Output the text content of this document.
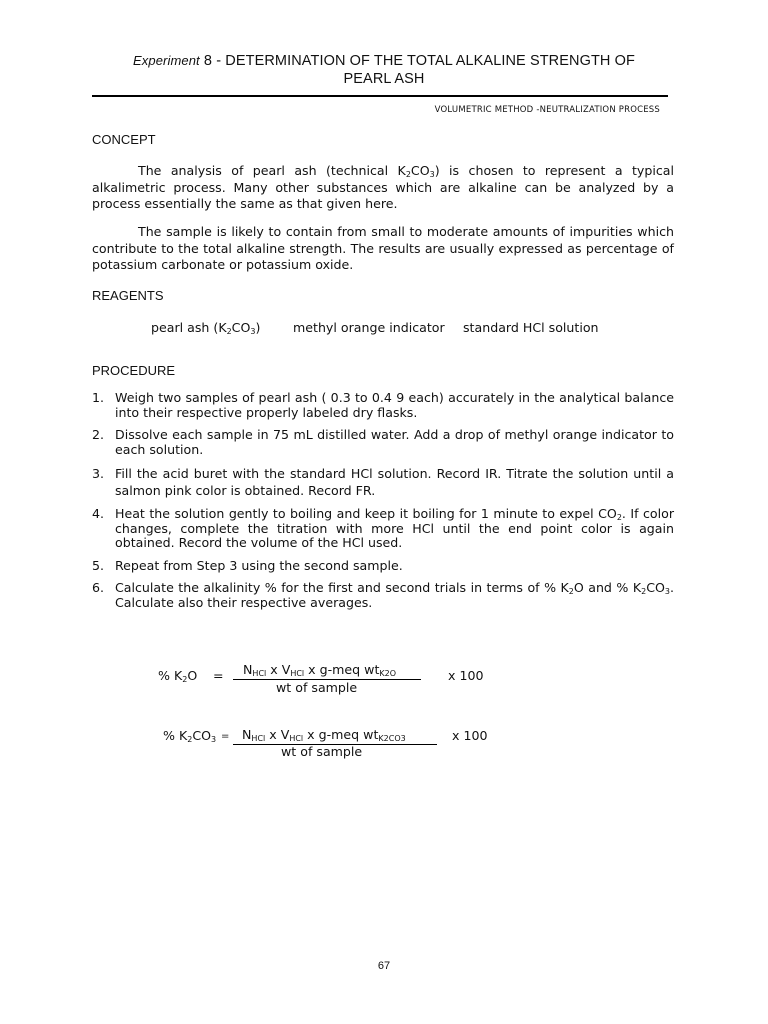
Experiment 8 - DETERMINATION OF THE TOTAL ALKALINE STRENGTH OF
PEARL ASH
VOLUMETRIC METHOD -NEUTRALIZATION PROCESS
CONCEPT

The analysis of pearl ash (technical $K_2CO_3$) is chosen to represent a typical alkalimetric process. Many other substances which are alkaline can be analyzed by a process essentially the same as that given here.

The sample is likely to contain from small to moderate amounts of impurities which contribute to the total alkaline strength. The results are usually expressed as percentage of potassium carbonate or potassium oxide.

REAGENTS
pearl ash $(K_2CO_3)$	methyl orange indicator standard HCl solution
PROCEDURE
1. Weigh two samples of pearl ash ( 0.3 to 0.4 9 each) accurately in the analytical balance into their respective properly labeled dry flasks.
2. Dissolve each sample in 75 mL distilled water. Add a drop of methyl orange indicator to each solution.
3. Fill the acid buret with the standard HCl solution. Record IR. Titrate the solution until a salmon pink color is obtained. Record FR.
4. Heat the solution gently to boiling and keep it boiling for 1 minute to expel $CO_2$. If color changes, complete the titration with more HCl until the end point color is again obtained. Record the volume of the HCl used.
5. Repeat from Step 3 using the second sample.
6. Calculate the alkalinity % for the first and second trials in terms of % $K_2O$ and % $K_2CO_3$. Calculate also their respective averages.
% $K_2O = N_{HCl}$ x $V_{HCl}$ x g-meq $wt_{K2O}$
wt of sample
x 100
% $K_2CO_3 = N_{HCl}$ x $V_{HCl}$ x g-meq $wt_{K2CO3}$
wt of sample
x 100
67
